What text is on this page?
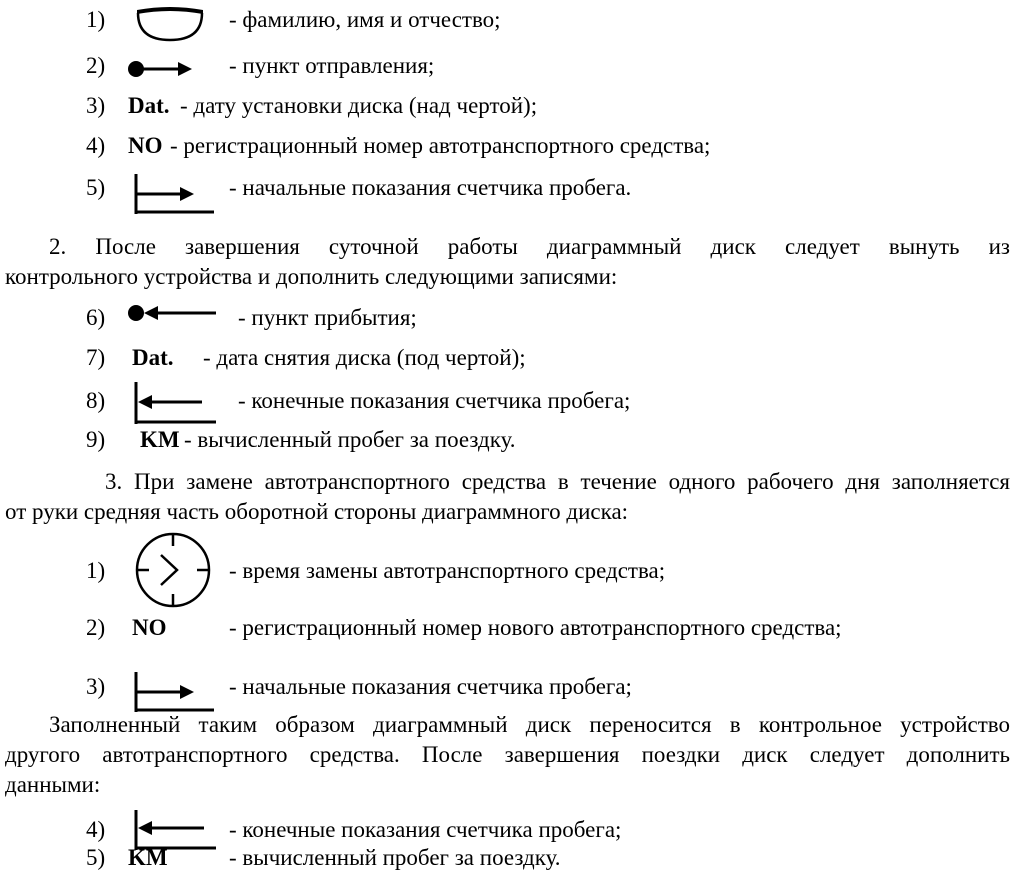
1)	- фамилию, имя и отчество;
2)	- пункт отправления;
3) Dat. - дату установки диска (над чертой);
4) NO - регистрационный номер автотранспортного средства;
5)	- начальные показания счетчика пробега.
2. После завершения суточной работы диаграммный диск следует вынуть из
контрольного устройства и дополнить следующими записями:
6)	- пункт прибытия;
7) Dat. - дата снятия диска (под чертой);
8)	- конечные показания счетчика пробега;
9) KM - вычисленный пробег за поездку.
3. При замене автотранспортного средства в течение одного рабочего дня заполняется
от руки средняя часть оборотной стороны диаграммного диска:
1)	- время замены автотранспортного средства;
2) NO	- регистрационный номер нового автотранспортного средства;
3)	- начальные показания счетчика пробега;
Заполненный таким образом диаграммный диск переносится в контрольное устройство
другого автотранспортного средства. После завершения поездки диск следует дополнить
данными:
4)	- конечные показания счетчика пробега;
5) KM	- вычисленный пробег за поездку.
